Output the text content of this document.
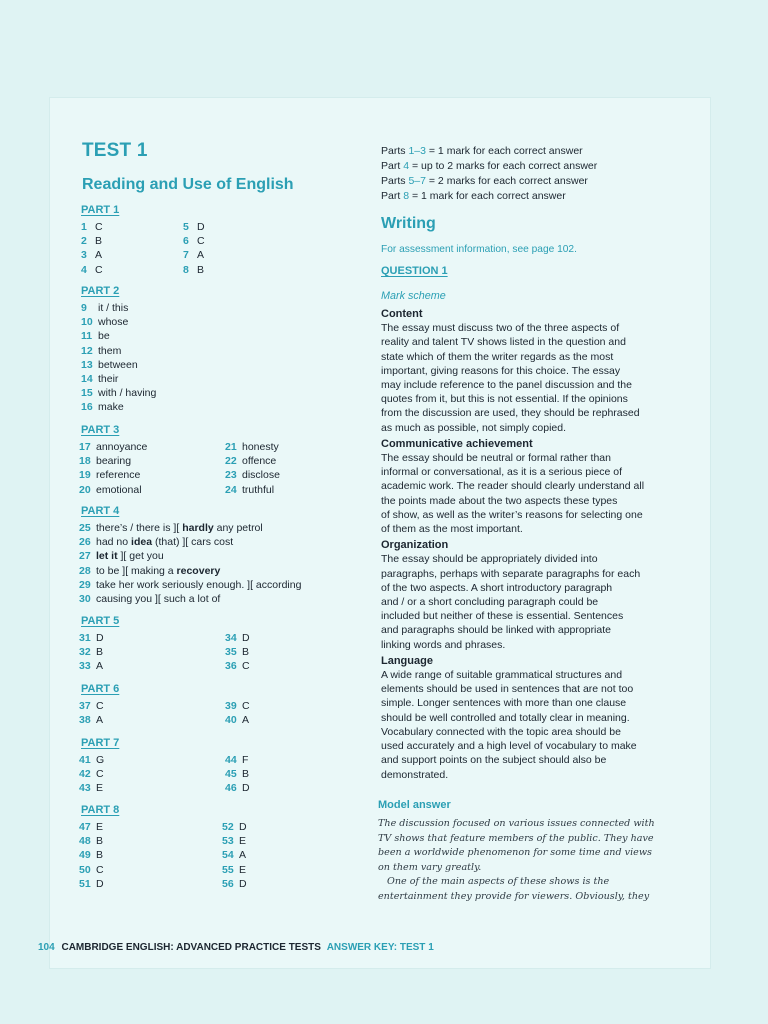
TEST 1
Reading and Use of English
PART 1
1 C
2 B
3 A
4 C
5 D
6 C
7 A
8 B
PART 2
9 it / this
10 whose
11 be
12 them
13 between
14 their
15 with / having
16 make
PART 3
17 annoyance
18 bearing
19 reference
20 emotional
21 honesty
22 offence
23 disclose
24 truthful
PART 4
25 there’s / there is ][ hardly any petrol
26 had no idea (that) ][ cars cost
27 let it ][ get you
28 to be ][ making a recovery
29 take her work seriously enough. ][ according
30 causing you ][ such a lot of
PART 5
31 D
32 B
33 A
34 D
35 B
36 C
PART 6
37 C
38 A
39 C
40 A
PART 7
41 G
42 C
43 E
44 F
45 B
46 D
PART 8
47 E
48 B
49 B
50 C
51 D
52 D
53 E
54 A
55 E
56 D
Parts 1–3 = 1 mark for each correct answer
Part 4 = up to 2 marks for each correct answer
Parts 5–7 = 2 marks for each correct answer
Part 8 = 1 mark for each correct answer
Writing
For assessment information, see page 102.
QUESTION 1
Mark scheme

Content

The essay must discuss two of the three aspects of
reality and talent TV shows listed in the question and
state which of them the writer regards as the most
important, giving reasons for this choice. The essay
may include reference to the panel discussion and the
quotes from it, but this is not essential. If the opinions
from the discussion are used, they should be rephrased
as much as possible, not simply copied.

Communicative achievement

The essay should be neutral or formal rather than
informal or conversational, as it is a serious piece of
academic work. The reader should clearly understand all
the points made about the two aspects these types
of show, as well as the writer’s reasons for selecting one
of them as the most important.

Organization

The essay should be appropriately divided into
paragraphs, perhaps with separate paragraphs for each
of the two aspects. A short introductory paragraph
and / or a short concluding paragraph could be
included but neither of these is essential. Sentences
and paragraphs should be linked with appropriate
linking words and phrases.

Language

A wide range of suitable grammatical structures and
elements should be used in sentences that are not too
simple. Longer sentences with more than one clause
should be well controlled and totally clear in meaning.
Vocabulary connected with the topic area should be
used accurately and a high level of vocabulary to make
and support points on the subject should also be
demonstrated.
Model answer
The discussion focused on various issues connected with
TV shows that feature members of the public. They have
been a worldwide phenomenon for some time and views
on them vary greatly.
One of the main aspects of these shows is the
entertainment they provide for viewers. Obviously, they
104 CAMBRIDGE ENGLISH: ADVANCED PRACTICE TESTS ANSWER KEY: TEST 1
